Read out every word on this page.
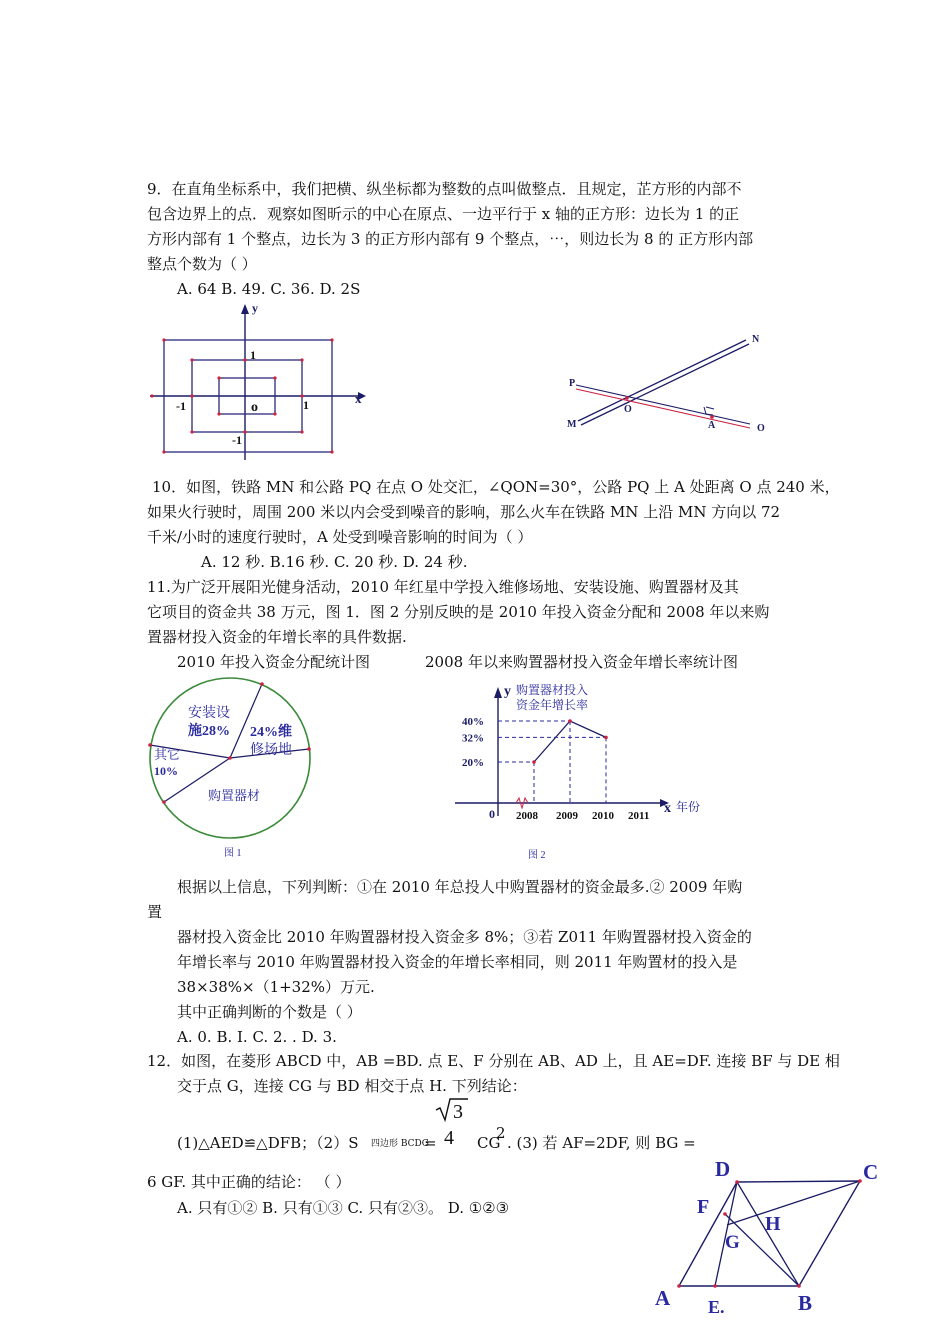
9．在直角坐标系中，我们把横、纵坐标都为整数的点叫做整点．且规定，芷方形的内部不
包含边界上的点．观察如图昕示的中心在原点、一边平行于 x 轴的正方形：边长为 1 的正
方形内部有 1 个整点，边长为 3 的正方形内部有 9 个整点，⋯，则边长为 8 的 正方形内部
整点个数为（ ）
A. 64 B. 49. C. 36. D. 2S
y
x
1
-1	o	1
-1
N
P
M
O
A	O
10．如图，铁路 MN 和公路 PQ 在点 O 处交汇，∠QON=30°，公路 PQ 上 A 处距离 O 点 240 米，
如果火行驶时，周围 200 米以内会受到噪音的影响，那么火车在铁路 MN 上沿 MN 方向以 72
千米/小时的速度行驶时，A 处受到噪音影响的时间为（ ）
A. 12 秒. B.16 秒. C. 20 秒. D. 24 秒.
11.为广泛开展阳光健身活动，2010 年红星中学投入维修场地、安装设施、购置器材及其
它项目的资金共 38 万元，图 1．图 2 分别反映的是 2010 年投入资金分配和 2008 年以来购
置器材投入资金的年增长率的具件数据.
2010 年投入资金分配统计图	2008 年以来购置器材投入资金年增长率统计图
安装设
施28% 24%维
修场地
其它
10%
购置器材
图 1
20%
32%
40%
2008 2009 2010 2011
y 购置器材投入
资金年增长率
x 年份
0
图 2
根据以上信息，下列判断：①在 2010 年总投人中购置器材的资金最多.② 2009 年购
置
器材投入资金比 2010 年购置器材投入资金多 8%；③若 Z011 年购置器材投入资金的
年增长率与 2010 年购置器材投入资金的年增长率相同，则 2011 年购置材的投入是
38×38%×（1+32%）万元.
其中正确判断的个数是（ ）
A. 0. B. I. C. 2. . D. 3.
12．如图，在菱形 ABCD 中，AB =BD. 点 E、F 分别在 AB、AD 上，且 AE=DF. 连接 BF 与 DE 相
交于点 G，连接 CG 与 BD 相交于点 H. 下列结论：
3
4
(1)△AED≌△DFB；（2）S 四边形 BCDG
=	CG
2
. (3) 若 AF=2DF, 则 BG =
6 GF. 其中正确的结论： （ ）
A. 只有①② B. 只有①③ C. 只有②③。 D. ①②③
D	C
F
H
G
A E.	B
